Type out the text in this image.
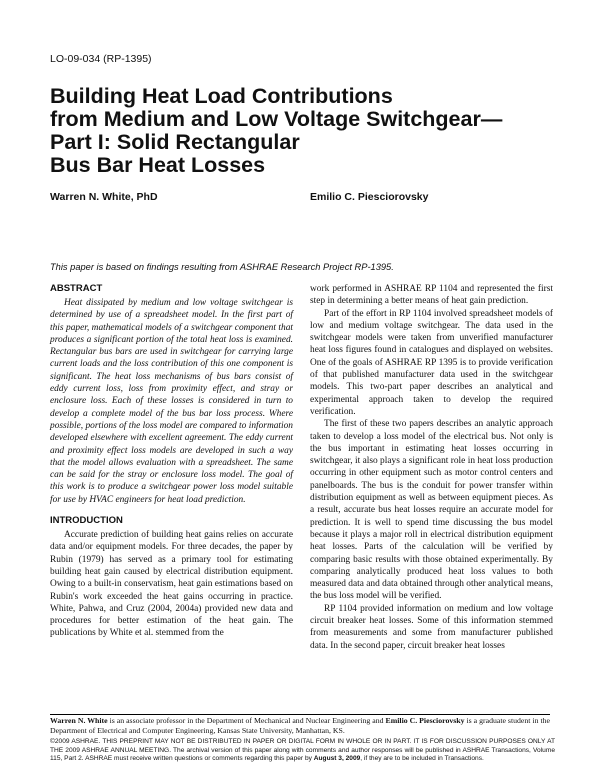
LO-09-034 (RP-1395)
Building Heat Load Contributions
from Medium and Low Voltage Switchgear—
Part I: Solid Rectangular
Bus Bar Heat Losses
Warren N. White, PhD	Emilio C. Piesciorovsky
This paper is based on findings resulting from ASHRAE Research Project RP-1395.
ABSTRACT

Heat dissipated by medium and low voltage switchgear is determined by use of a spreadsheet model. In the first part of this paper, mathematical models of a switchgear component that produces a significant portion of the total heat loss is examined. Rectangular bus bars are used in switchgear for carrying large current loads and the loss contribution of this one component is significant. The heat loss mechanisms of bus bars consist of eddy current loss, loss from proximity effect, and stray or enclosure loss. Each of these losses is considered in turn to develop a complete model of the bus bar loss process. Where possible, portions of the loss model are compared to information developed elsewhere with excellent agreement. The eddy current and proximity effect loss models are developed in such a way that the model allows evaluation with a spreadsheet. The same can be said for the stray or enclosure loss model. The goal of this work is to produce a switchgear power loss model suitable for use by HVAC engineers for heat load prediction.

INTRODUCTION

Accurate prediction of building heat gains relies on accurate data and/or equipment models. For three decades, the paper by Rubin (1979) has served as a primary tool for estimating building heat gain caused by electrical distribution equipment. Owing to a built-in conservatism, heat gain estimations based on Rubin's work exceeded the heat gains occurring in practice. White, Pahwa, and Cruz (2004, 2004a) provided new data and procedures for better estimation of the heat gain. The publications by White et al. stemmed from the

work performed in ASHRAE RP 1104 and represented the first step in determining a better means of heat gain prediction.

Part of the effort in RP 1104 involved spreadsheet models of low and medium voltage switchgear. The data used in the switchgear models were taken from unverified manufacturer heat loss figures found in catalogues and displayed on websites. One of the goals of ASHRAE RP 1395 is to provide verification of that published manufacturer data used in the switchgear models. This two-part paper describes an analytical and experimental approach taken to develop the required verification.

The first of these two papers describes an analytic approach taken to develop a loss model of the electrical bus. Not only is the bus important in estimating heat losses occurring in switchgear, it also plays a significant role in heat loss production occurring in other equipment such as motor control centers and panelboards. The bus is the conduit for power transfer within distribution equipment as well as between equipment pieces. As a result, accurate bus heat losses require an accurate model for prediction. It is well to spend time discussing the bus model because it plays a major roll in electrical distribution equipment heat losses. Parts of the calculation will be verified by comparing basic results with those obtained experimentally. By comparing analytically produced heat loss values to both measured data and data obtained through other analytical means, the bus loss model will be verified.

RP 1104 provided information on medium and low voltage circuit breaker heat losses. Some of this information stemmed from measurements and some from manufacturer published data. In the second paper, circuit breaker heat losses

Warren N. White is an associate professor in the Department of Mechanical and Nuclear Engineering and Emilio C. Piesciorovsky is a graduate student in the Department of Electrical and Computer Engineering, Kansas State University, Manhattan, KS.
©2009 ASHRAE. THIS PREPRINT MAY NOT BE DISTRIBUTED IN PAPER OR DIGITAL FORM IN WHOLE OR IN PART. IT IS FOR DISCUSSION PURPOSES ONLY AT THE 2009 ASHRAE ANNUAL MEETING. The archival version of this paper along with comments and author responses will be published in ASHRAE Transactions, Volume 115, Part 2. ASHRAE must receive written questions or comments regarding this paper by August 3, 2009, if they are to be included in Transactions.
